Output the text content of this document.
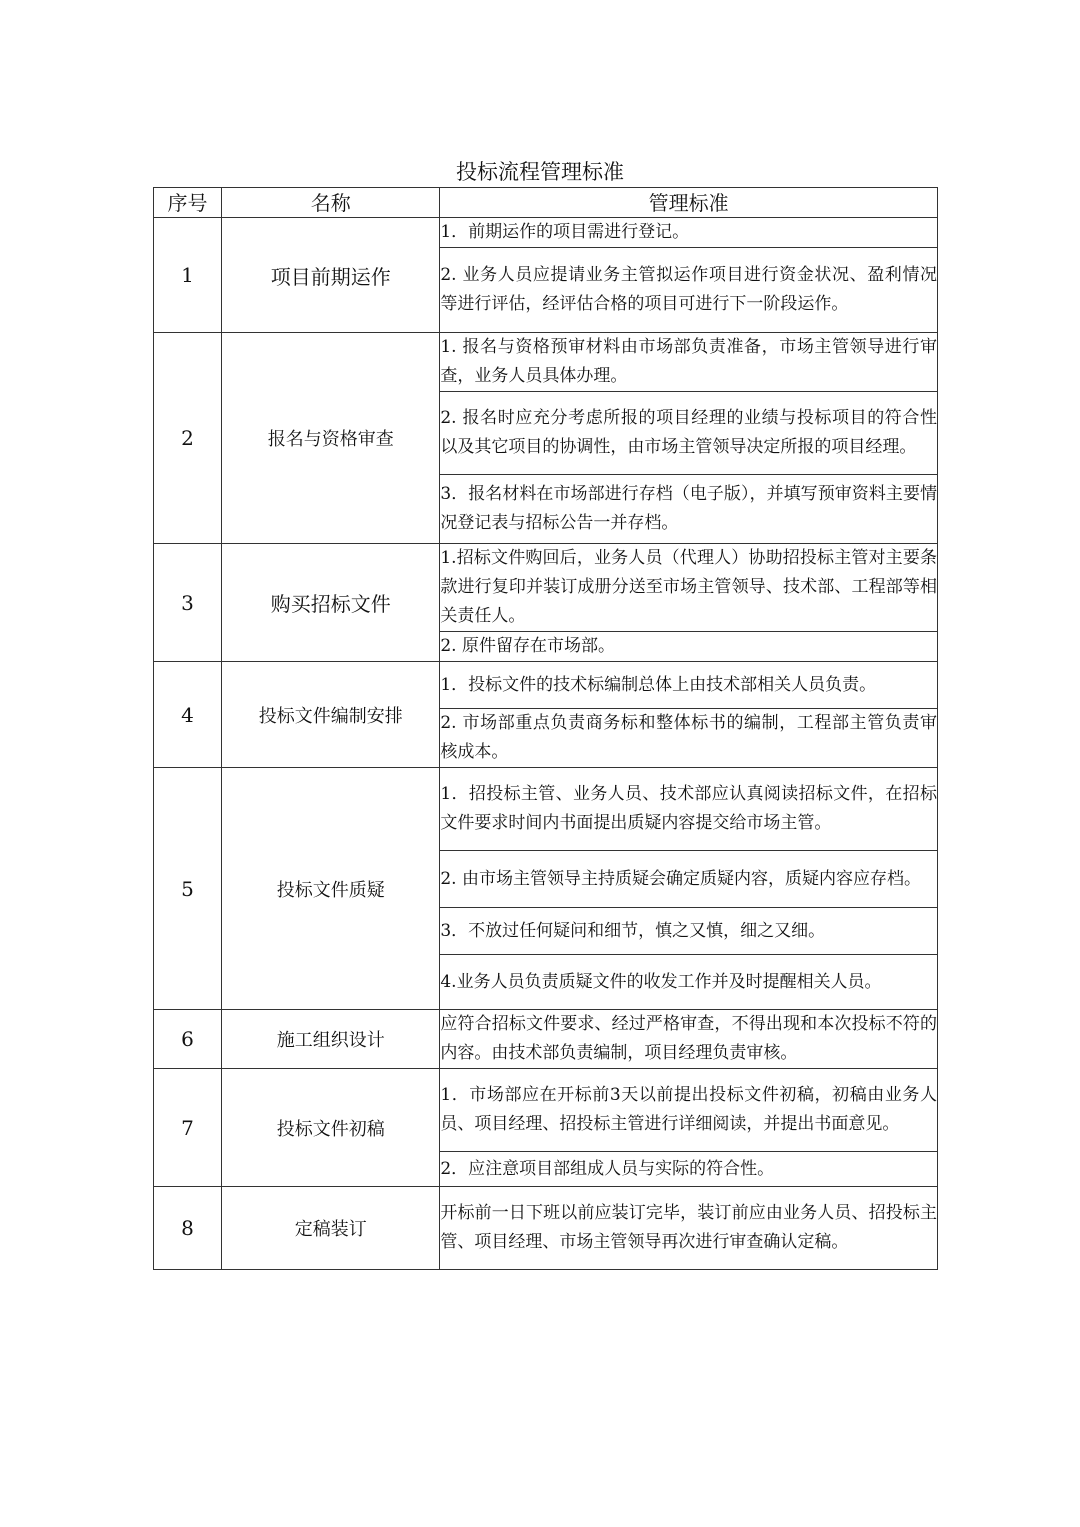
投标流程管理标准
序号	名称	管理标准
1	项目前期运作	1．前期运作的项目需进行登记。
		2. 业务人员应提请业务主管拟运作项目进行资金状况、盈利情况等进行评估，经评估合格的项目可进行下一阶段运作。
2	报名与资格审查	1. 报名与资格预审材料由市场部负责准备，市场主管领导进行审查，业务人员具体办理。
		2. 报名时应充分考虑所报的项目经理的业绩与投标项目的符合性以及其它项目的协调性，由市场主管领导决定所报的项目经理。
		3．报名材料在市场部进行存档（电子版），并填写预审资料主要情况登记表与招标公告一并存档。
3	购买招标文件	1.招标文件购回后，业务人员（代理人）协助招投标主管对主要条款进行复印并装订成册分送至市场主管领导、技术部、工程部等相关责任人。
		2. 原件留存在市场部。
4	投标文件编制安排	1．投标文件的技术标编制总体上由技术部相关人员负责。
		2. 市场部重点负责商务标和整体标书的编制，工程部主管负责审核成本。
5	投标文件质疑	1．招投标主管、业务人员、技术部应认真阅读招标文件，在招标文件要求时间内书面提出质疑内容提交给市场主管。
		2. 由市场主管领导主持质疑会确定质疑内容，质疑内容应存档。
		3．不放过任何疑问和细节，慎之又慎，细之又细。
		4.业务人员负责质疑文件的收发工作并及时提醒相关人员。
6	施工组织设计	应符合招标文件要求、经过严格审查，不得出现和本次投标不符的内容。由技术部负责编制，项目经理负责审核。
7	投标文件初稿	1．市场部应在开标前3天以前提出投标文件初稿，初稿由业务人员、项目经理、招投标主管进行详细阅读，并提出书面意见。
		2．应注意项目部组成人员与实际的符合性。
8	定稿装订	开标前一日下班以前应装订完毕，装订前应由业务人员、招投标主管、项目经理、市场主管领导再次进行审查确认定稿。
